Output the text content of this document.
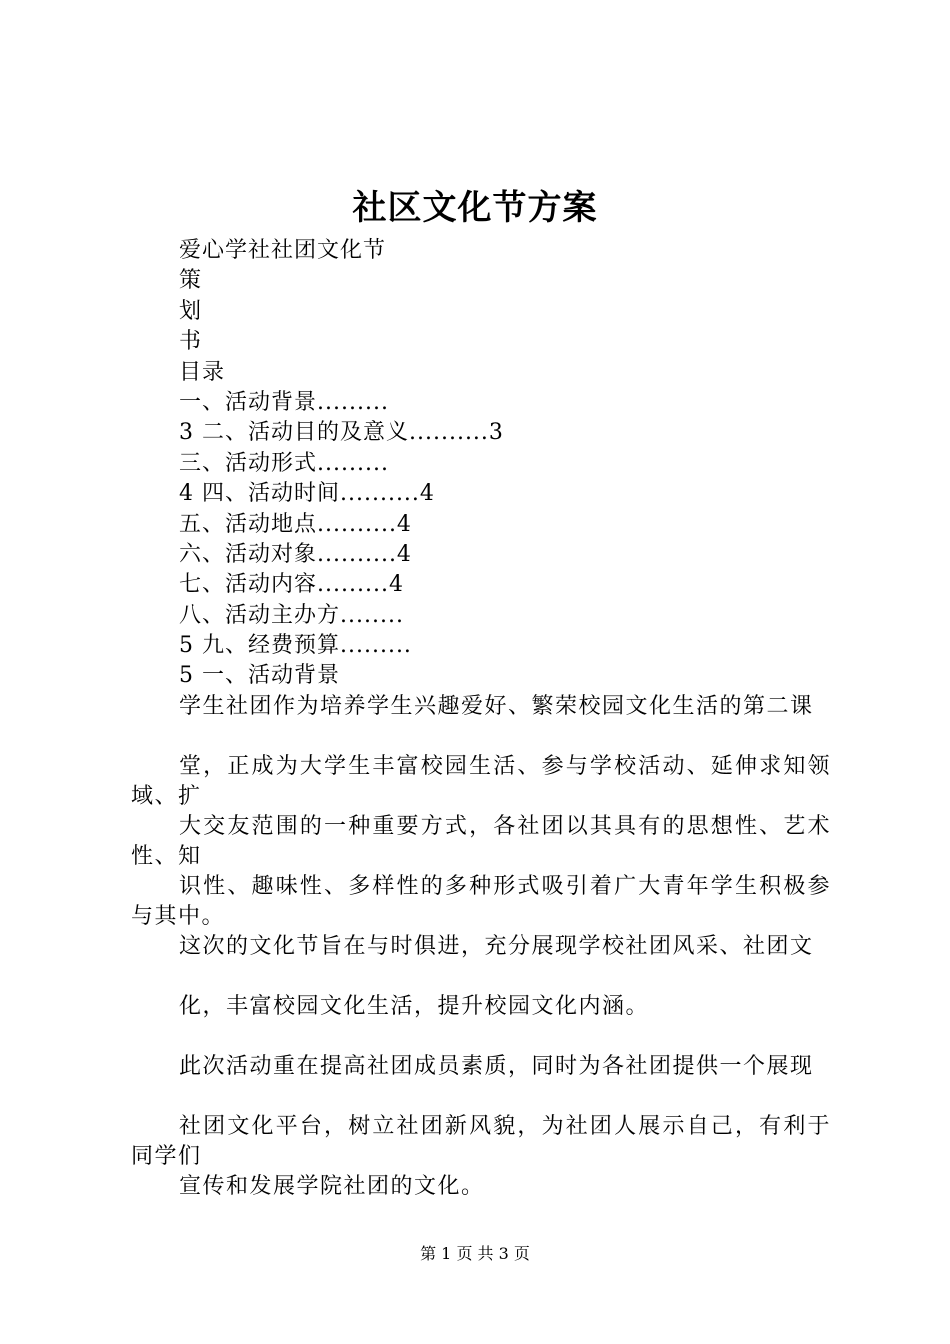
社区文化节方案
爱心学社社团文化节
策
划
书
目录
一、活动背景.........
3 二、活动目的及意义..........3
三、活动形式.........
4 四、活动时间..........4
五、活动地点..........4
六、活动对象..........4
七、活动内容.........4
八、活动主办方........
5 九、经费预算.........
5 一、活动背景

学生社团作为培养学生兴趣爱好、繁荣校园文化生活的第二课

堂，正成为大学生丰富校园生活、参与学校活动、延伸求知领域、扩

大交友范围的一种重要方式，各社团以其具有的思想性、艺术性、知

识性、趣味性、多样性的多种形式吸引着广大青年学生积极参与其中。

这次的文化节旨在与时俱进，充分展现学校社团风采、社团文

化，丰富校园文化生活，提升校园文化内涵。

此次活动重在提高社团成员素质，同时为各社团提供一个展现

社团文化平台，树立社团新风貌，为社团人展示自己，有利于同学们

宣传和发展学院社团的文化。

第 1 页 共 3 页
